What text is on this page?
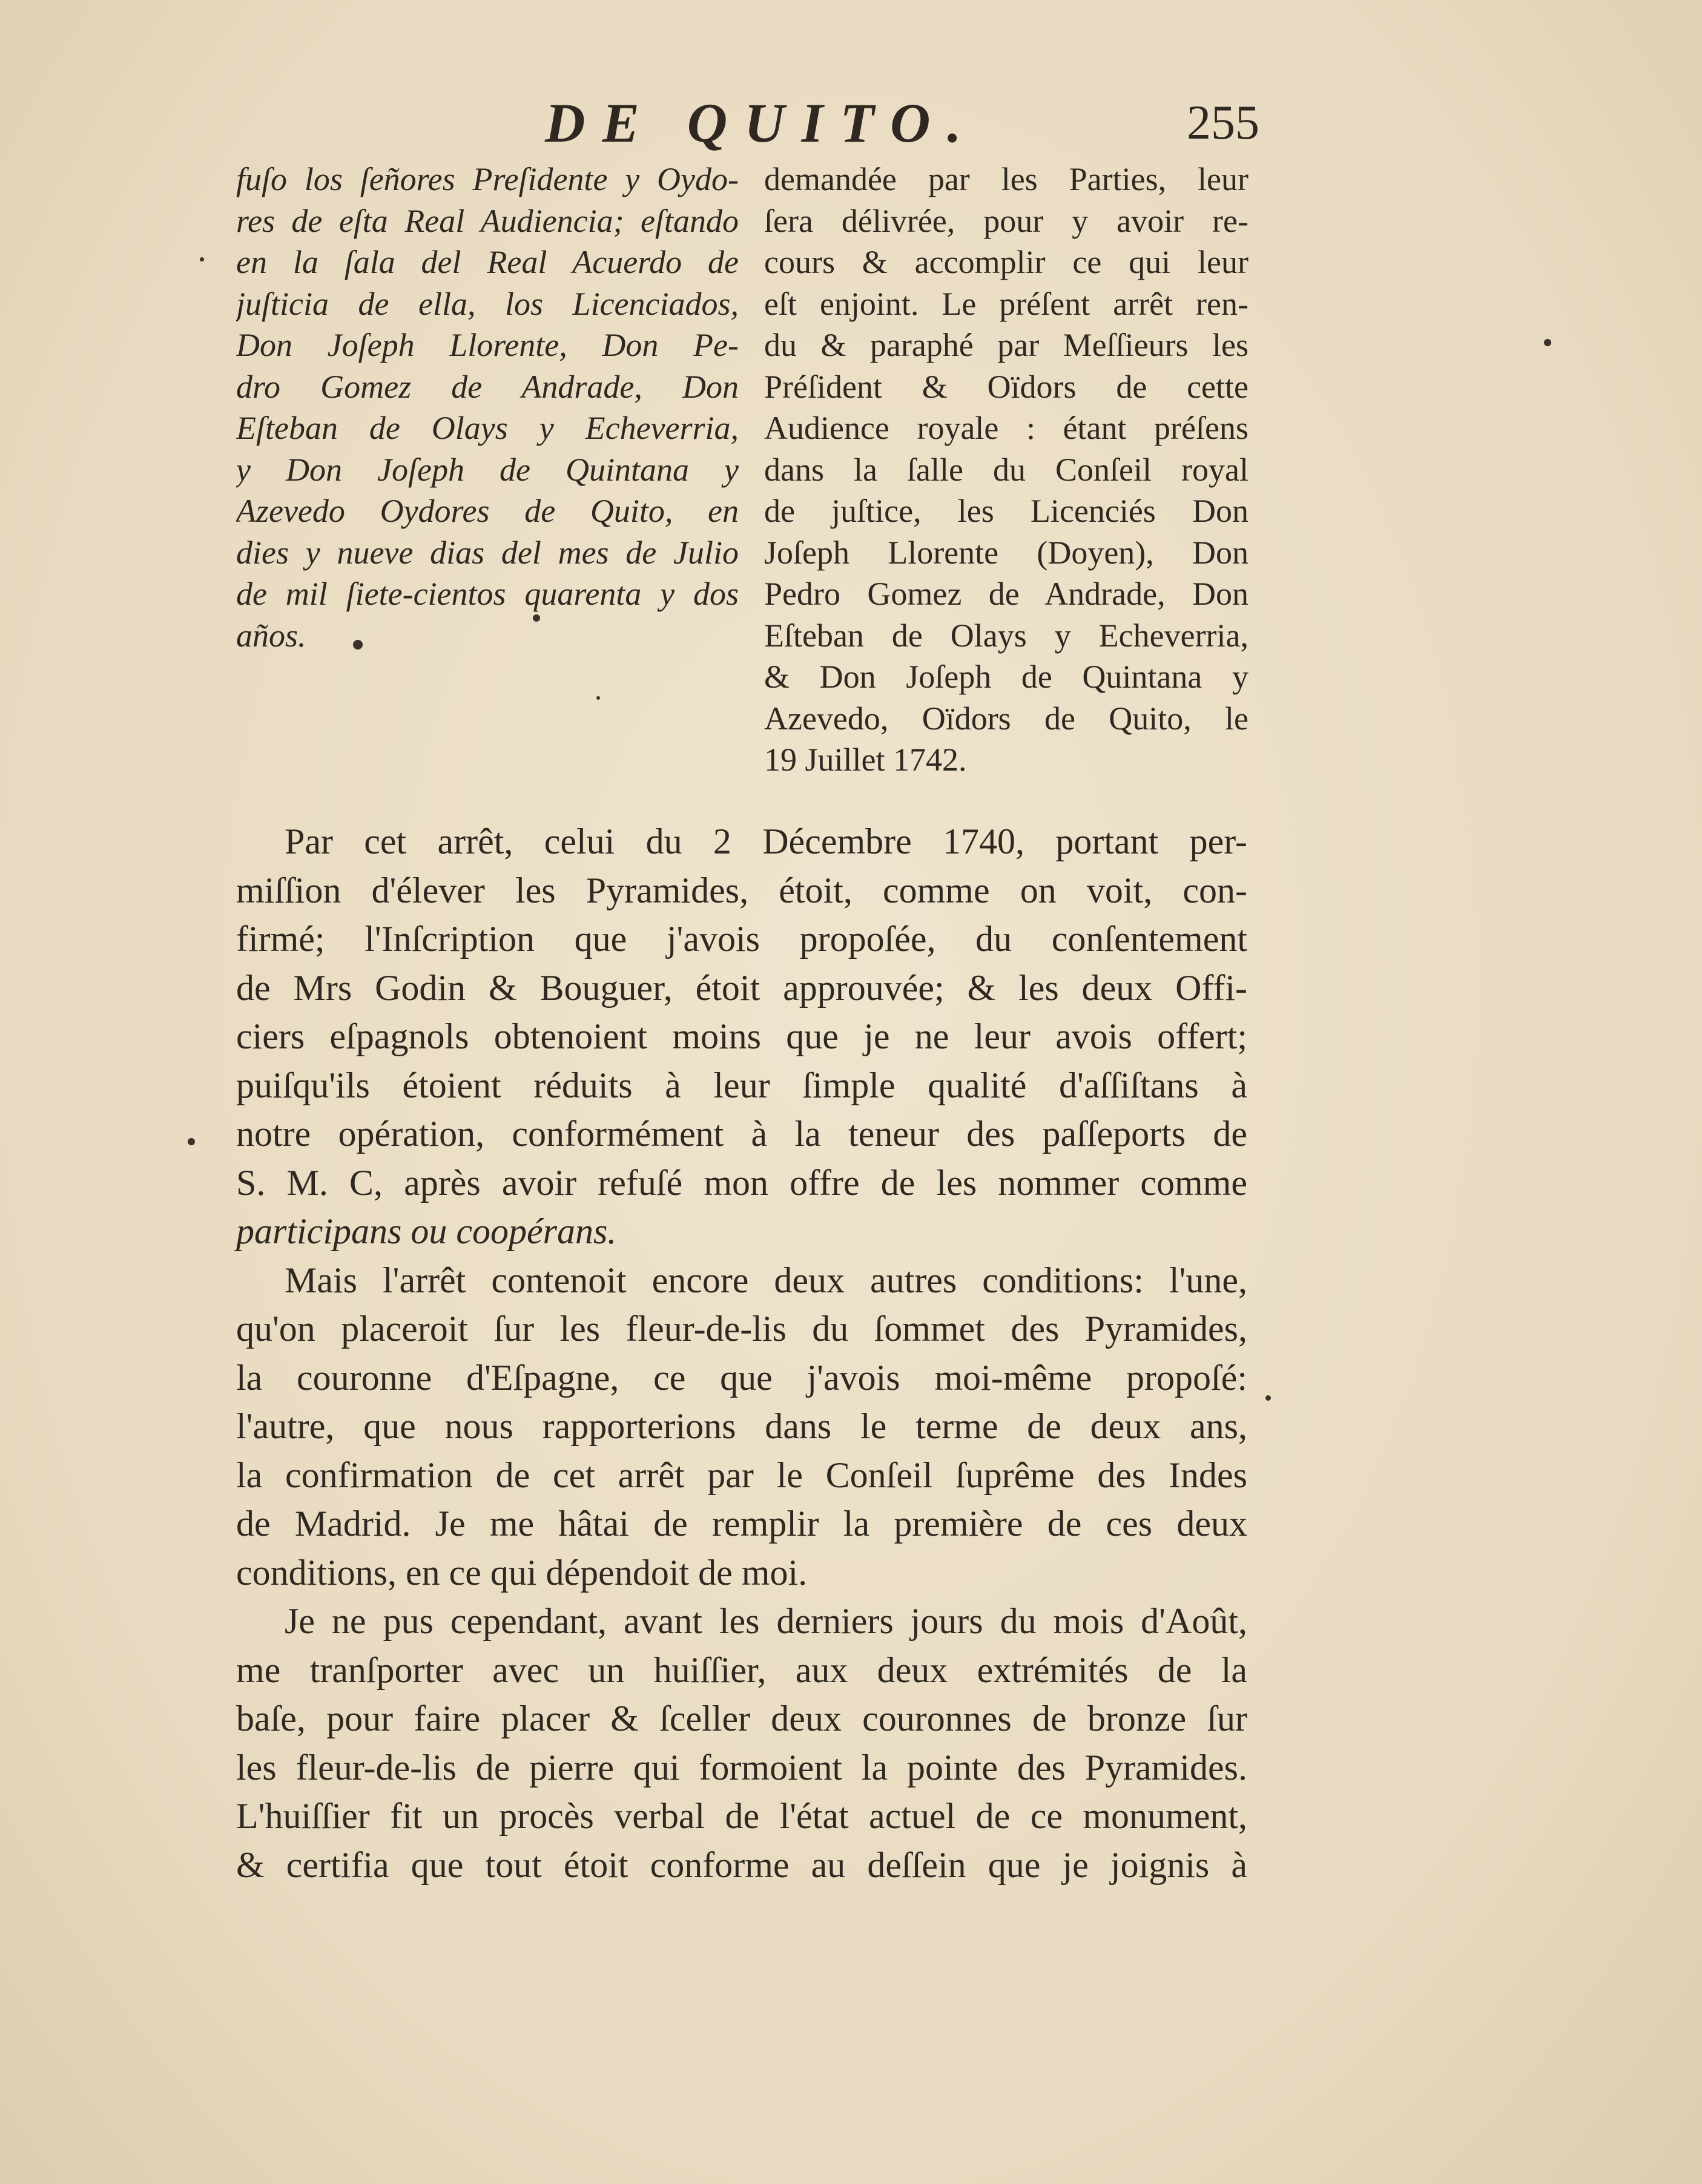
DE QUITO.	255
fuſo los ſeñores Preſidente y Oydo-
res de eſta Real Audiencia; eſtando
en la ſala del Real Acuerdo de
juſticia de ella, los Licenciados,
Don Joſeph Llorente, Don Pe-
dro Gomez de Andrade, Don
Eſteban de Olays y Echeverria,
y Don Joſeph de Quintana y
Azevedo Oydores de Quito, en
dies y nueve dias del mes de Julio
de mil ſiete-cientos quarenta y dos
años.
demandée par les Parties, leur
ſera délivrée, pour y avoir re-
cours & accomplir ce qui leur
eſt enjoint. Le préſent arrêt ren-
du & paraphé par Meſſieurs les
Préſident & Oïdors de cette
Audience royale : étant préſens
dans la ſalle du Conſeil royal
de juſtice, les Licenciés Don
Joſeph Llorente (Doyen), Don
Pedro Gomez de Andrade, Don
Eſteban de Olays y Echeverria,
& Don Joſeph de Quintana y
Azevedo, Oïdors de Quito, le
19 Juillet 1742.
Par cet arrêt, celui du 2 Décembre 1740, portant per-
miſſion d'élever les Pyramides, étoit, comme on voit, con-
firmé; l'Inſcription que j'avois propoſée, du conſentement
de Mrs Godin & Bouguer, étoit approuvée; & les deux Offi-
ciers eſpagnols obtenoient moins que je ne leur avois offert;
puiſqu'ils étoient réduits à leur ſimple qualité d'aſſiſtans à
notre opération, conformément à la teneur des paſſeports de
S. M. C, après avoir refuſé mon offre de les nommer comme
participans ou coopérans.
Mais l'arrêt contenoit encore deux autres conditions: l'une,
qu'on placeroit ſur les fleur-de-lis du ſommet des Pyramides,
la couronne d'Eſpagne, ce que j'avois moi-même propoſé:
l'autre, que nous rapporterions dans le terme de deux ans,
la confirmation de cet arrêt par le Conſeil ſuprême des Indes
de Madrid. Je me hâtai de remplir la première de ces deux
conditions, en ce qui dépendoit de moi.
Je ne pus cependant, avant les derniers jours du mois d'Août,
me tranſporter avec un huiſſier, aux deux extrémités de la
baſe, pour faire placer & ſceller deux couronnes de bronze ſur
les fleur-de-lis de pierre qui formoient la pointe des Pyramides.
L'huiſſier fit un procès verbal de l'état actuel de ce monument,
& certifia que tout étoit conforme au deſſein que je joignis à
